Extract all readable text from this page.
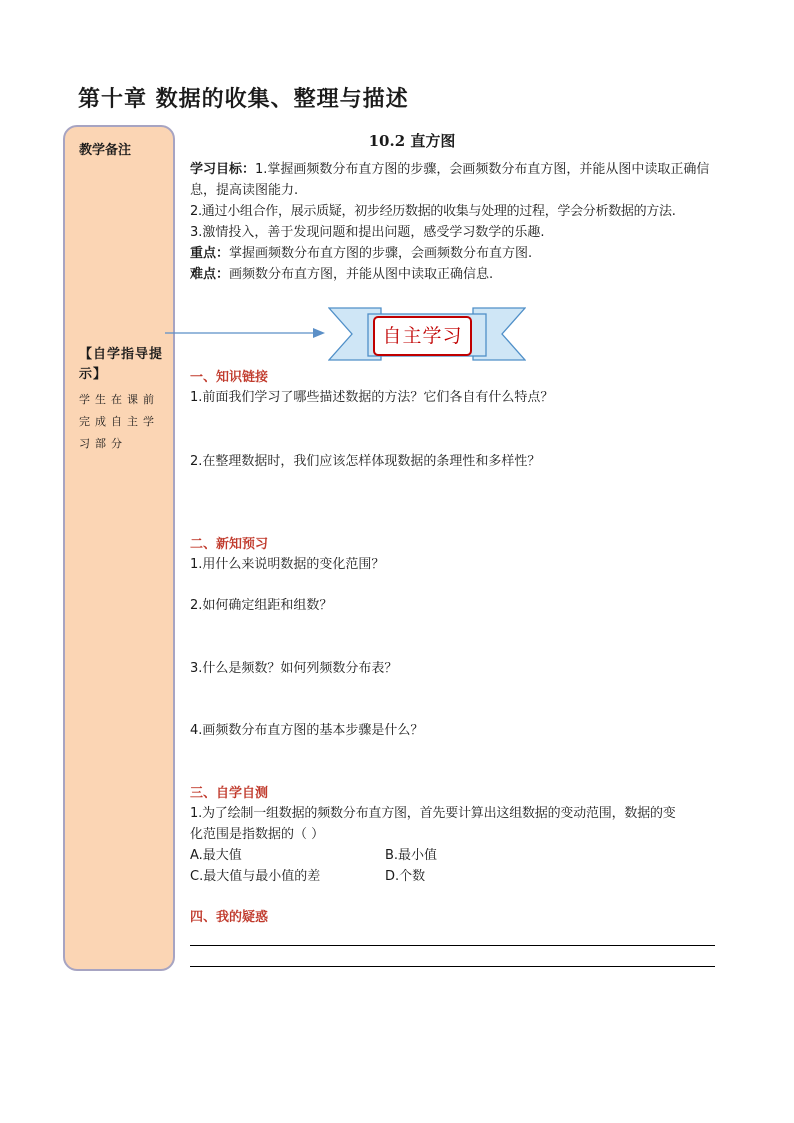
第十章 数据的收集、整理与描述
教学备注
【自学指导提示】
学生在课前完成自主学习部分
10.2 直方图

学习目标：1.掌握画频数分布直方图的步骤，会画频数分布直方图，并能从图中读取正确信息，提高读图能力.

2.通过小组合作，展示质疑，初步经历数据的收集与处理的过程，学会分析数据的方法.

3.激情投入，善于发现问题和提出问题，感受学习数学的乐趣.

重点：掌握画频数分布直方图的步骤，会画频数分布直方图.

难点：画频数分布直方图，并能从图中读取正确信息.

自主学习
一、知识链接
1.前面我们学习了哪些描述数据的方法？它们各自有什么特点？
2.在整理数据时，我们应该怎样体现数据的条理性和多样性？
二、新知预习
1.用什么来说明数据的变化范围？
2.如何确定组距和组数？
3.什么是频数？如何列频数分布表？
4.画频数分布直方图的基本步骤是什么？
三、自学自测
1.为了绘制一组数据的频数分布直方图，首先要计算出这组数据的变动范围，数据的变
化范围是指数据的（ ）
A.最大值	B.最小值
C.最大值与最小值的差	D.个数
四、我的疑惑
